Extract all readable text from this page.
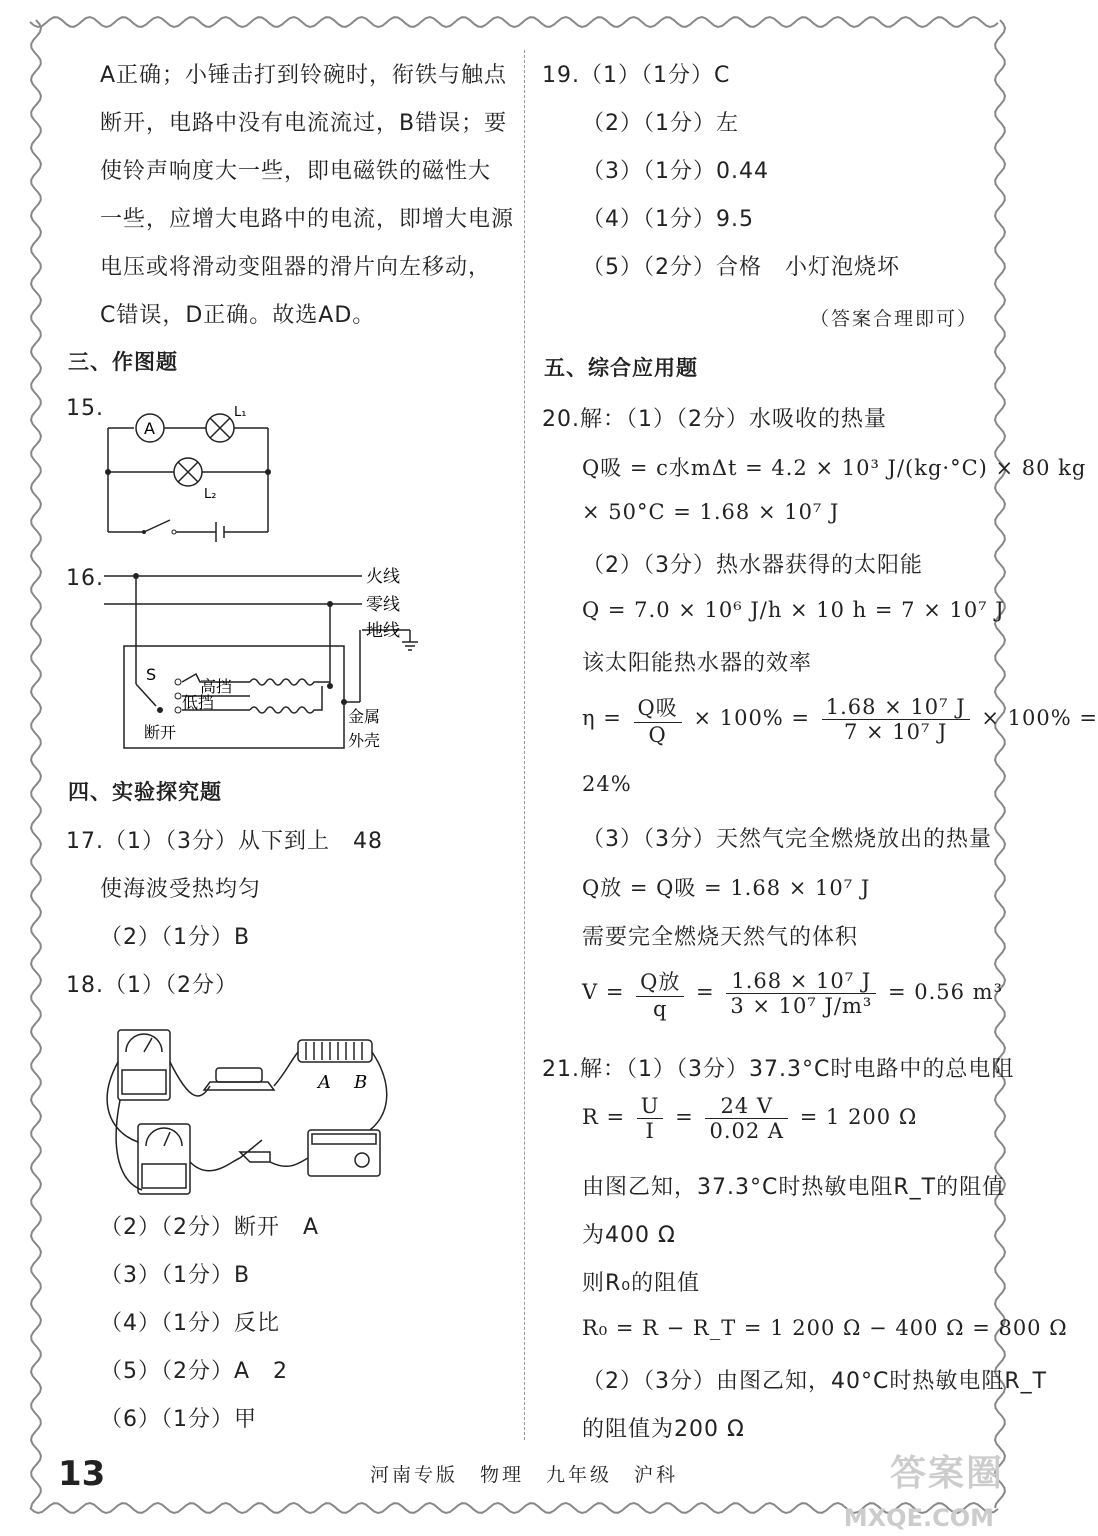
A正确；小锤击打到铃碗时，衔铁与触点
断开，电路中没有电流流过，B错误；要
使铃声响度大一些，即电磁铁的磁性大
一些，应增大电路中的电流，即增大电源
电压或将滑动变阻器的滑片向左移动，
C错误，D正确。故选AD。
三、作图题
15.
A
L₁
L₂
16.	火线
零线
地线
S
高挡
低挡
断开
金属
外壳
四、实验探究题
17.（1）（3分）从下到上　48
使海波受热均匀
（2）（1分）B
18.（1）（2分）
A B
（2）（2分）断开　A
（3）（1分）B
（4）（1分）反比
（5）（2分）A　2
（6）（1分）甲
19.（1）（1分）C
（2）（1分）左
（3）（1分）0.44
（4）（1分）9.5
（5）（2分）合格　小灯泡烧坏
（答案合理即可）
五、综合应用题
20.解：（1）（2分）水吸收的热量
Q吸 = c水mΔt = 4.2 × 10³ J/(kg·°C) × 80 kg
× 50°C = 1.68 × 10⁷ J
（2）（3分）热水器获得的太阳能
Q = 7.0 × 10⁶ J/h × 10 h = 7 × 10⁷ J
该太阳能热水器的效率
$\eta = \frac{\text{Q吸}}{Q} \times 100\% = \frac{\text{1.68 × 10⁷ J}}{\text{7 × 10⁷ J}} \times 100\%$ =
24%
（3）（3分）天然气完全燃烧放出的热量
Q放 = Q吸 = 1.68 × 10⁷ J
需要完全燃烧天然气的体积
$V = \frac{\text{Q放}}{q} = \frac{\text{1.68 × 10⁷ J}}{\text{3 × 10⁷ J/m³}} = 0.56$ m³
21.解：（1）（3分）37.3°C时电路中的总电阻
$R = \frac{U}{I} = \frac{24 V}{0.02 A} = 1$ 200 Ω
由图乙知，37.3°C时热敏电阻R_T的阻值
为400 Ω
则R₀的阻值
R₀ = R − R_T = 1 200 Ω − 400 Ω = 800 Ω
（2）（3分）由图乙知，40°C时热敏电阻R_T
的阻值为200 Ω
13	河南专版　物理　九年级　沪科	答案圈
MXQE.COM
